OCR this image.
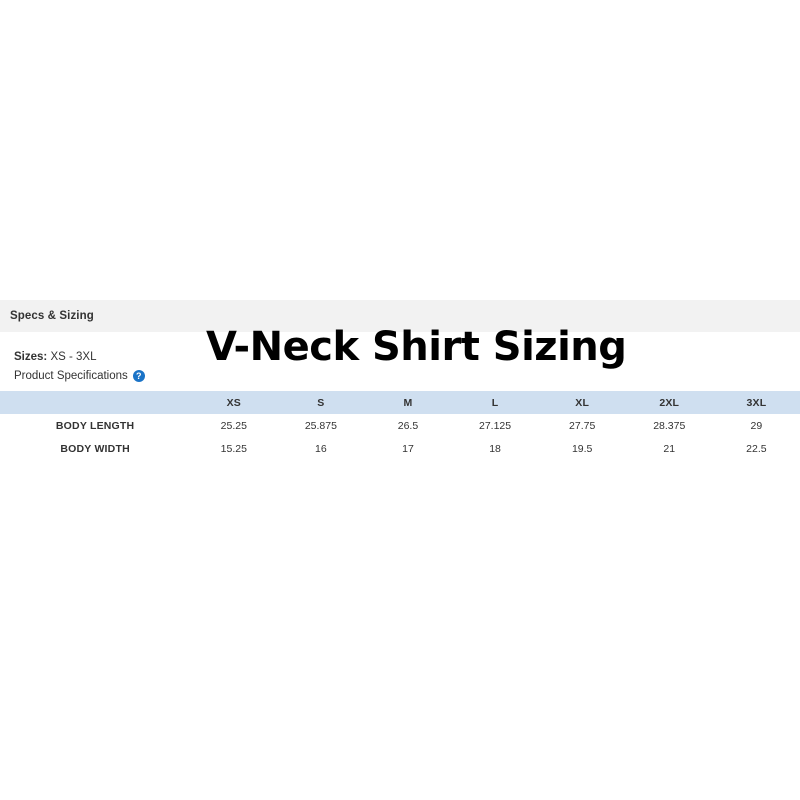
Specs & Sizing
V-Neck Shirt Sizing
Sizes: XS - 3XL
Product Specifications ?
	XS	S	M	L	XL	2XL	3XL
BODY LENGTH	25.25	25.875	26.5	27.125	27.75	28.375	29
BODY WIDTH	15.25	16	17	18	19.5	21	22.5
